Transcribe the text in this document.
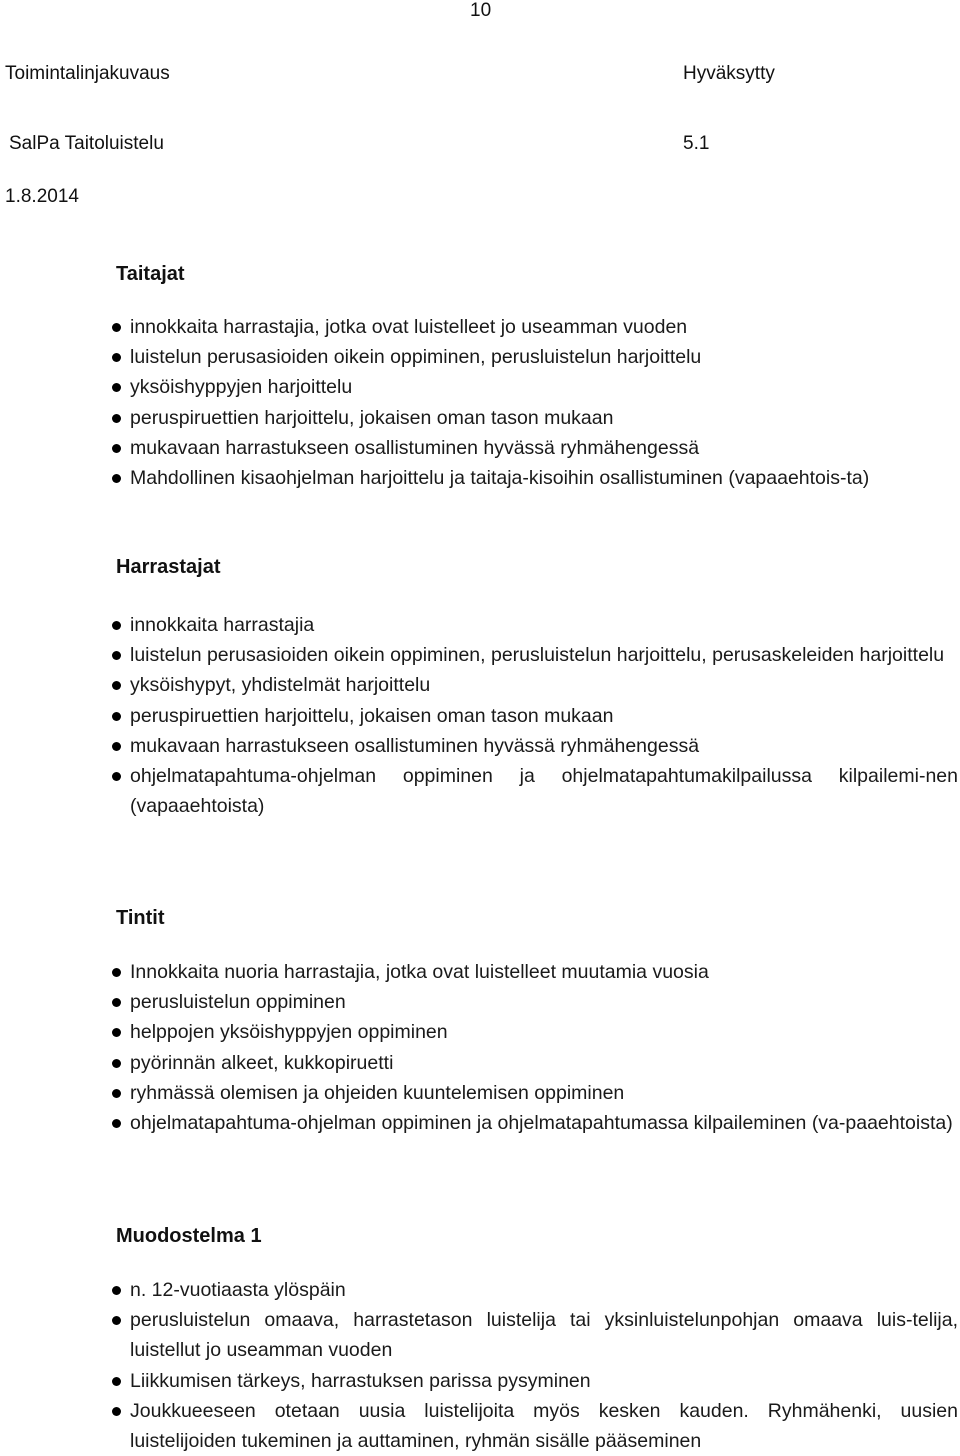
10
Toimintalinjakuvaus	Hyväksytty
SalPa Taitoluistelu	5.1
1.8.2014
Taitajat
innokkaita harrastajia, jotka ovat luistelleet jo useamman vuoden
luistelun perusasioiden oikein oppiminen, perusluistelun harjoittelu
yksöishyppyjen harjoittelu
peruspiruettien harjoittelu, jokaisen oman tason mukaan
mukavaan harrastukseen osallistuminen hyvässä ryhmähengessä
Mahdollinen kisaohjelman harjoittelu ja taitaja-kisoihin osallistuminen (vapaaehtois-ta)
Harrastajat
innokkaita harrastajia
luistelun perusasioiden oikein oppiminen, perusluistelun harjoittelu, perusaskeleiden harjoittelu
yksöishypyt, yhdistelmät harjoittelu
peruspiruettien harjoittelu, jokaisen oman tason mukaan
mukavaan harrastukseen osallistuminen hyvässä ryhmähengessä
ohjelmatapahtuma-ohjelman oppiminen ja ohjelmatapahtumakilpailussa kilpailemi-nen (vapaaehtoista)
Tintit
Innokkaita nuoria harrastajia, jotka ovat luistelleet muutamia vuosia
perusluistelun oppiminen
helppojen yksöishyppyjen oppiminen
pyörinnän alkeet, kukkopiruetti
ryhmässä olemisen ja ohjeiden kuuntelemisen oppiminen
ohjelmatapahtuma-ohjelman oppiminen ja ohjelmatapahtumassa kilpaileminen (va-paaehtoista)
Muodostelma 1
n. 12-vuotiaasta ylöspäin
perusluistelun omaava, harrastetason luistelija tai yksinluistelunpohjan omaava luis-telija, luistellut jo useamman vuoden
Liikkumisen tärkeys, harrastuksen parissa pysyminen
Joukkueeseen otetaan uusia luistelijoita myös kesken kauden. Ryhmähenki, uusien luistelijoiden tukeminen ja auttaminen, ryhmän sisälle pääseminen
